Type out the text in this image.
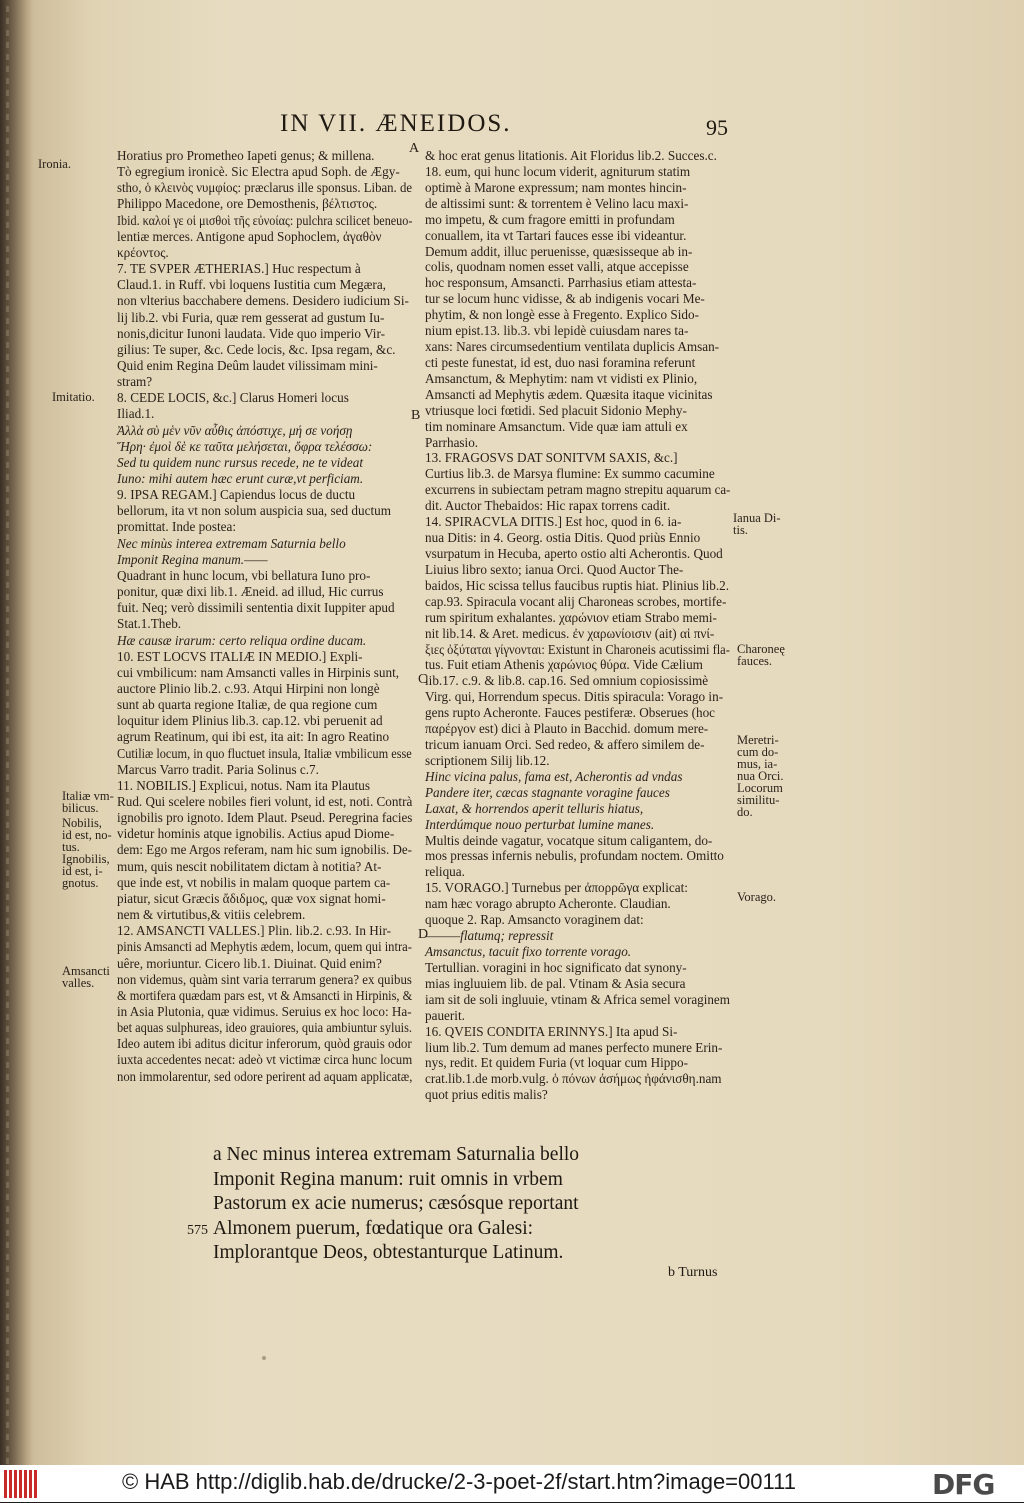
IN VII. ÆNEIDOS.	95
Horatius pro Prometheo Iapeti genus; & millena.
Tò egregium ironicè. Sic Electra apud Soph. de Ægy-
stho, ὁ κλεινὸς νυμφίος: præclarus ille sponsus. Liban. de
Philippo Macedone, ore Demosthenis, βέλτιστος.
Ibid. καλοί γε οἱ μισθοὶ τῆς εὐνοίας: pulchra scilicet beneuo-
lentiæ merces. Antigone apud Sophoclem, ἀγαθὸν
κρέοντος.
7. TE SVPER ÆTHERIAS.] Huc respectum à
Claud.1. in Ruff. vbi loquens Iustitia cum Megæra,
non vlterius bacchabere demens. Desidero iudicium Si-
lij lib.2. vbi Furia, quæ rem gesserat ad gustum Iu-
nonis,dicitur Iunoni laudata. Vide quo imperio Vir-
gilius: Te super, &c. Cede locis, &c. Ipsa regam, &c.
Quid enim Regina Deûm laudet vilissimam mini-
stram?
8. CEDE LOCIS, &c.] Clarus Homeri locus
Iliad.1.
Ἀλλὰ σὺ μὲν νῦν αὖθις ἀπόστιχε, μή σε νοήσῃ
Ἥρη· ἐμοὶ δὲ κε ταῦτα μελήσεται, ὄφρα τελέσσω:
Sed tu quidem nunc rursus recede, ne te videat
Iuno: mihi autem hæc erunt curæ,vt perficiam.
9. IPSA REGAM.] Capiendus locus de ductu
bellorum, ita vt non solum auspicia sua, sed ductum
promittat. Inde postea:
Nec minùs interea extremam Saturnia bello
Imponit Regina manum.——
Quadrant in hunc locum, vbi bellatura Iuno pro-
ponitur, quæ dixi lib.1. Æneid. ad illud, Hic currus
fuit. Neq; verò dissimili sententia dixit Iuppiter apud
Stat.1.Theb.
Hæ causæ irarum: certo reliqua ordine ducam.
10. EST LOCVS ITALIÆ IN MEDIO.] Expli-
cui vmbilicum: nam Amsancti valles in Hirpinis sunt,
auctore Plinio lib.2. c.93. Atqui Hirpini non longè
sunt ab quarta regione Italiæ, de qua regione cum
loquitur idem Plinius lib.3. cap.12. vbi peruenit ad
agrum Reatinum, qui ibi est, ita ait: In agro Reatino
Cutiliæ locum, in quo fluctuet insula, Italiæ vmbilicum esse
Marcus Varro tradit. Paria Solinus c.7.
11. NOBILIS.] Explicui, notus. Nam ita Plautus
Rud. Qui scelere nobiles fieri volunt, id est, noti. Contrà
ignobilis pro ignoto. Idem Plaut. Pseud. Peregrina facies
videtur hominis atque ignobilis. Actius apud Diome-
dem: Ego me Argos referam, nam hic sum ignobilis. De-
mum, quis nescit nobilitatem dictam à notitia? At-
que inde est, vt nobilis in malam quoque partem ca-
piatur, sicut Græcis ἄδιδμος, quæ vox signat homi-
nem & virtutibus,& vitiis celebrem.
12. AMSANCTI VALLES.] Plin. lib.2. c.93. In Hir-
pinis Amsancti ad Mephytis ædem, locum, quem qui intra-
uêre, moriuntur. Cicero lib.1. Diuinat. Quid enim?
non videmus, quàm sint varia terrarum genera? ex quibus
& mortifera quædam pars est, vt & Amsancti in Hirpinis, &
in Asia Plutonia, quæ vidimus. Seruius ex hoc loco: Ha-
bet aquas sulphureas, ideo grauiores, quia ambiuntur syluis.
Ideo autem ibi aditus dicitur inferorum, quòd grauis odor
iuxta accedentes necat: adeò vt victimæ circa hunc locum
non immolarentur, sed odore perirent ad aquam applicatæ,
& hoc erat genus litationis. Ait Floridus lib.2. Succes.c.
18. eum, qui hunc locum viderit, agniturum statim
optimè à Marone expressum; nam montes hincin-
de altissimi sunt: & torrentem è Velino lacu maxi-
mo impetu, & cum fragore emitti in profundam
conuallem, ita vt Tartari fauces esse ibi videantur.
Demum addit, illuc peruenisse, quæsisseque ab in-
colis, quodnam nomen esset valli, atque accepisse
hoc responsum, Amsancti. Parrhasius etiam attesta-
tur se locum hunc vidisse, & ab indigenis vocari Me-
phytim, & non longè esse à Fregento. Explico Sido-
nium epist.13. lib.3. vbi lepidè cuiusdam nares ta-
xans: Nares circumsedentium ventilata duplicis Amsan-
cti peste funestat, id est, duo nasi foramina referunt
Amsanctum, & Mephytim: nam vt vidisti ex Plinio,
Amsancti ad Mephytis ædem. Quæsita itaque vicinitas
vtriusque loci fœtidi. Sed placuit Sidonio Mephy-
tim nominare Amsanctum. Vide quæ iam attuli ex
Parrhasio.
13. FRAGOSVS DAT SONITVM SAXIS, &c.]
Curtius lib.3. de Marsya flumine: Ex summo cacumine
excurrens in subiectam petram magno strepitu aquarum ca-
dit. Auctor Thebaidos: Hic rapax torrens cadit.
14. SPIRACVLA DITIS.] Est hoc, quod in 6. ia-
nua Ditis: in 4. Georg. ostia Ditis. Quod priùs Ennio
vsurpatum in Hecuba, aperto ostio alti Acherontis. Quod
Liuius libro sexto; ianua Orci. Quod Auctor The-
baidos, Hic scissa tellus faucibus ruptis hiat. Plinius lib.2.
cap.93. Spiracula vocant alij Charoneas scrobes, mortife-
rum spiritum exhalantes. χαρώνιον etiam Strabo memi-
nit lib.14. & Aret. medicus. ἐν χαρωνίοισιν (ait) αἱ πνί-
ξιες ὀξύταται γίγνονται: Existunt in Charoneis acutissimi fla-
tus. Fuit etiam Athenis χαρώνιος θύρα. Vide Cælium
lib.17. c.9. & lib.8. cap.16. Sed omnium copiosissimè
Virg. qui, Horrendum specus. Ditis spiracula: Vorago in-
gens rupto Acheronte. Fauces pestiferæ. Obserues (hoc
παρέργον est) dici à Plauto in Bacchid. domum mere-
tricum ianuam Orci. Sed redeo, & affero similem de-
scriptionem Silij lib.12.
Hinc vicina palus, fama est, Acherontis ad vndas
Pandere iter, cæcas stagnante voragine fauces
Laxat, & horrendos aperit telluris hiatus,
Interdúmque nouo perturbat lumine manes.
Multis deinde vagatur, vocatque situm caligantem, do-
mos pressas infernis nebulis, profundam noctem. Omitto
reliqua.
15. VORAGO.] Turnebus per ἀπορρῶγα explicat:
nam hæc vorago abrupto Acheronte. Claudian.
quoque 2. Rap. Amsancto voraginem dat:
———flatumq; repressit
Amsanctus, tacuit fixo torrente vorago.
Tertullian. voragini in hoc significato dat synony-
mias ingluuiem lib. de pal. Vtinam & Asia secura
iam sit de soli ingluuie, vtinam & Africa semel voraginem
pauerit.
16. QVEIS CONDITA ERINNYS.] Ita apud Si-
lium lib.2. Tum demum ad manes perfecto munere Erin-
nys, redit. Et quidem Furia (vt loquar cum Hippo-
crat.lib.1.de morb.vulg. ὁ πόνων ἀσήμως ἠφάνισθη.nam
quot prius editis malis?
Ironia.
Imitatio.
Italiæ vm-
bilicus.
Nobilis,
id est, no-
tus.
Ignobilis,
id est, i-
gnotus.
Amsancti
valles.
Ianua Di-
tis.
Charoneę
fauces.
Meretri-
cum do-
mus, ia-
nua Orci.
Locorum
similitu-
do.
Vorago.
A
B
C
D
a Nec minus interea extremam Saturnalia bello
Imponit Regina manum: ruit omnis in vrbem
Pastorum ex acie numerus; cæsósque reportant
Almonem puerum, fœdatique ora Galesi:
Implorantque Deos, obtestanturque Latinum.
575
b Turnus
© HAB http://diglib.hab.de/drucke/2-3-poet-2f/start.htm?image=00111	DFG
